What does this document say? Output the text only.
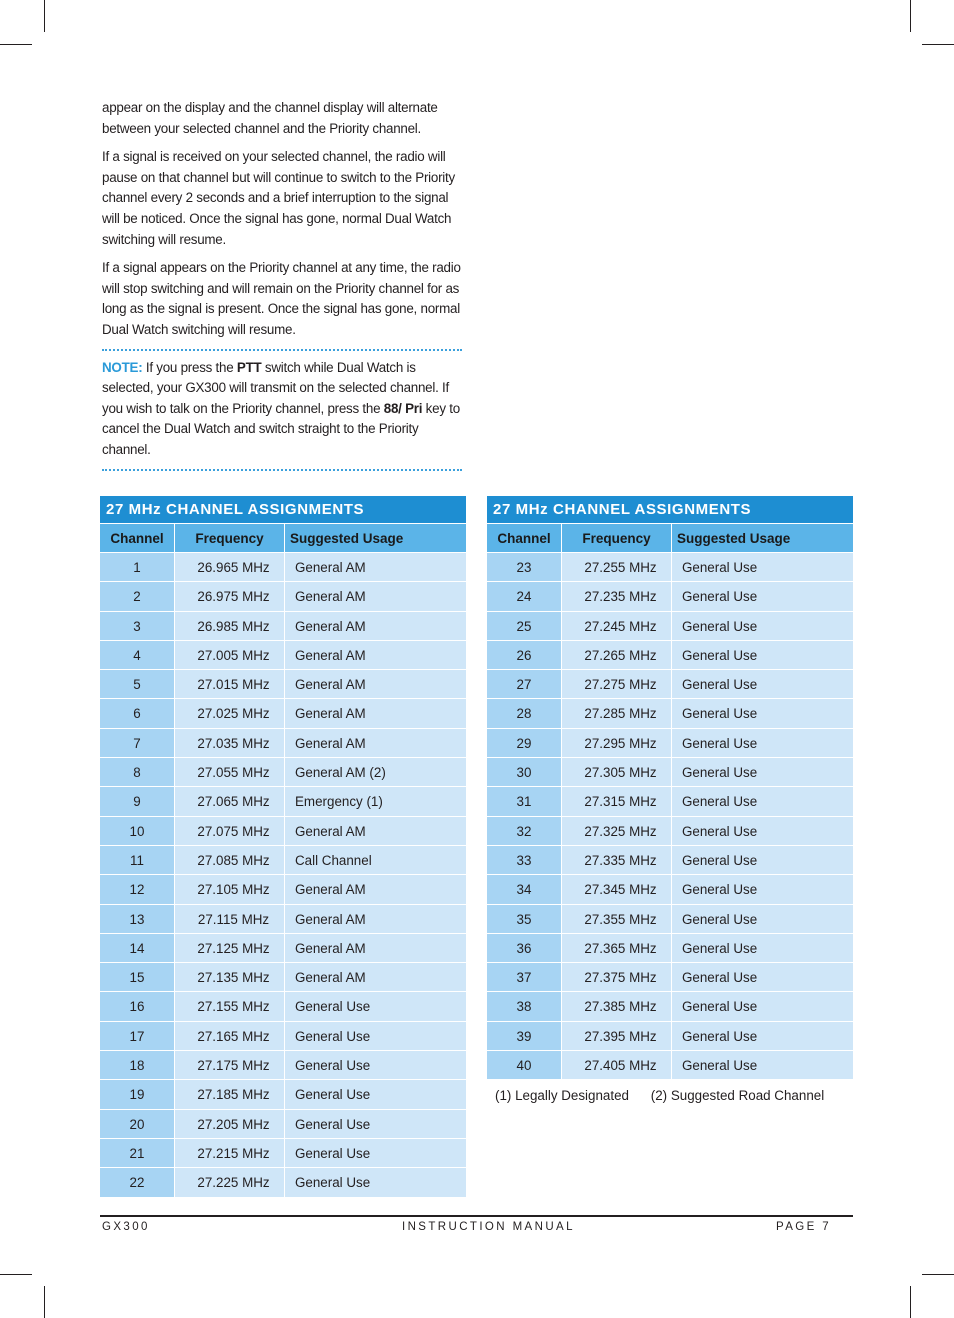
appear on the display and the channel display will alternate between your selected channel and the Priority channel.

If a signal is received on your selected channel, the radio will pause on that channel but will continue to switch to the Priority channel every 2 seconds and a brief interruption to the signal will be noticed. Once the signal has gone, normal Dual Watch switching will resume.

If a signal appears on the Priority channel at any time, the radio will stop switching and will remain on the Priority channel for as long as the signal is present. Once the signal has gone, normal Dual Watch switching will resume.

NOTE: If you press the PTT switch while Dual Watch is selected, your GX300 will transmit on the selected channel. If you wish to talk on the Priority channel, press the 88/ Pri key to cancel the Dual Watch and switch straight to the Priority channel.

27 MHz CHANNEL ASSIGNMENTS
Channel	Frequency	Suggested Usage
1	26.965 MHz	General AM
2	26.975 MHz	General AM
3	26.985 MHz	General AM
4	27.005 MHz	General AM
5	27.015 MHz	General AM
6	27.025 MHz	General AM
7	27.035 MHz	General AM
8	27.055 MHz	General AM (2)
9	27.065 MHz	Emergency (1)
10	27.075 MHz	General AM
11	27.085 MHz	Call Channel
12	27.105 MHz	General AM
13	27.115 MHz	General AM
14	27.125 MHz	General AM
15	27.135 MHz	General AM
16	27.155 MHz	General Use
17	27.165 MHz	General Use
18	27.175 MHz	General Use
19	27.185 MHz	General Use
20	27.205 MHz	General Use
21	27.215 MHz	General Use
22	27.225 MHz	General Use
27 MHz CHANNEL ASSIGNMENTS
Channel	Frequency	Suggested Usage
23	27.255 MHz	General Use
24	27.235 MHz	General Use
25	27.245 MHz	General Use
26	27.265 MHz	General Use
27	27.275 MHz	General Use
28	27.285 MHz	General Use
29	27.295 MHz	General Use
30	27.305 MHz	General Use
31	27.315 MHz	General Use
32	27.325 MHz	General Use
33	27.335 MHz	General Use
34	27.345 MHz	General Use
35	27.355 MHz	General Use
36	27.365 MHz	General Use
37	27.375 MHz	General Use
38	27.385 MHz	General Use
39	27.395 MHz	General Use
40	27.405 MHz	General Use
(1) Legally Designated (2) Suggested Road Channel
GX300	INSTRUCTION MANUAL	PAGE 7
